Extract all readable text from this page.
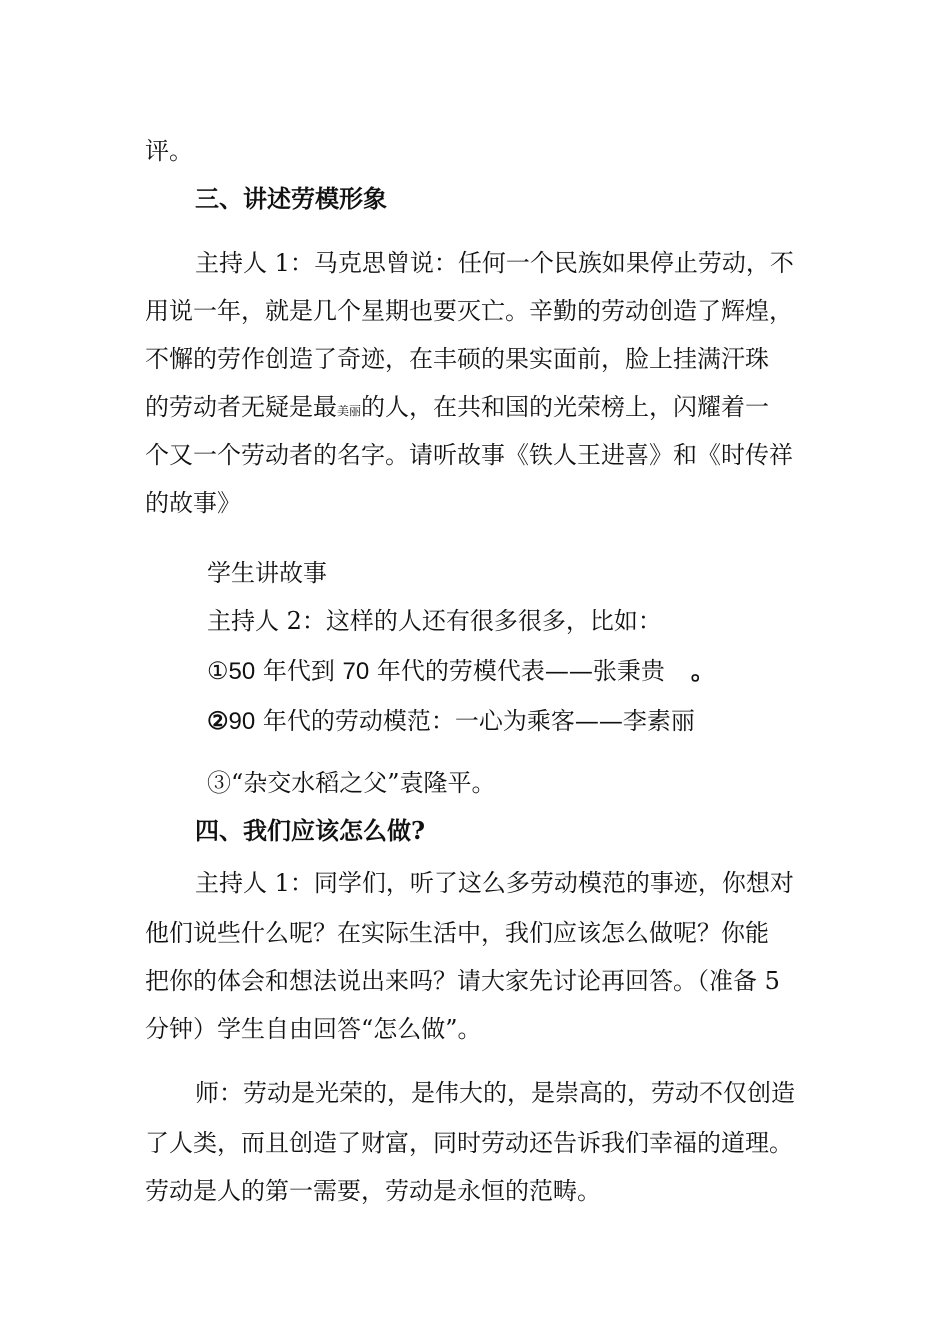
评。
三、讲述劳模形象
主持人 1：马克思曾说：任何一个民族如果停止劳动，不
用说一年，就是几个星期也要灭亡。辛勤的劳动创造了辉煌，
不懈的劳作创造了奇迹，在丰硕的果实面前，脸上挂满汗珠
的劳动者无疑是最美丽的人，在共和国的光荣榜上，闪耀着一
个又一个劳动者的名字。请听故事《铁人王进喜》和《时传祥
的故事》
学生讲故事
主持人 2：这样的人还有很多很多，比如：
①50 年代到 70 年代的劳模代表——张秉贵 。
②90 年代的劳动模范：一心为乘客——李素丽
③“杂交水稻之父”袁隆平。
四、我们应该怎么做?
主持人 1：同学们，听了这么多劳动模范的事迹，你想对
他们说些什么呢？在实际生活中，我们应该怎么做呢？你能
把你的体会和想法说出来吗？请大家先讨论再回答。（准备 5
分钟）学生自由回答“怎么做”。
师：劳动是光荣的，是伟大的，是崇高的，劳动不仅创造
了人类，而且创造了财富，同时劳动还告诉我们幸福的道理。
劳动是人的第一需要，劳动是永恒的范畴。
